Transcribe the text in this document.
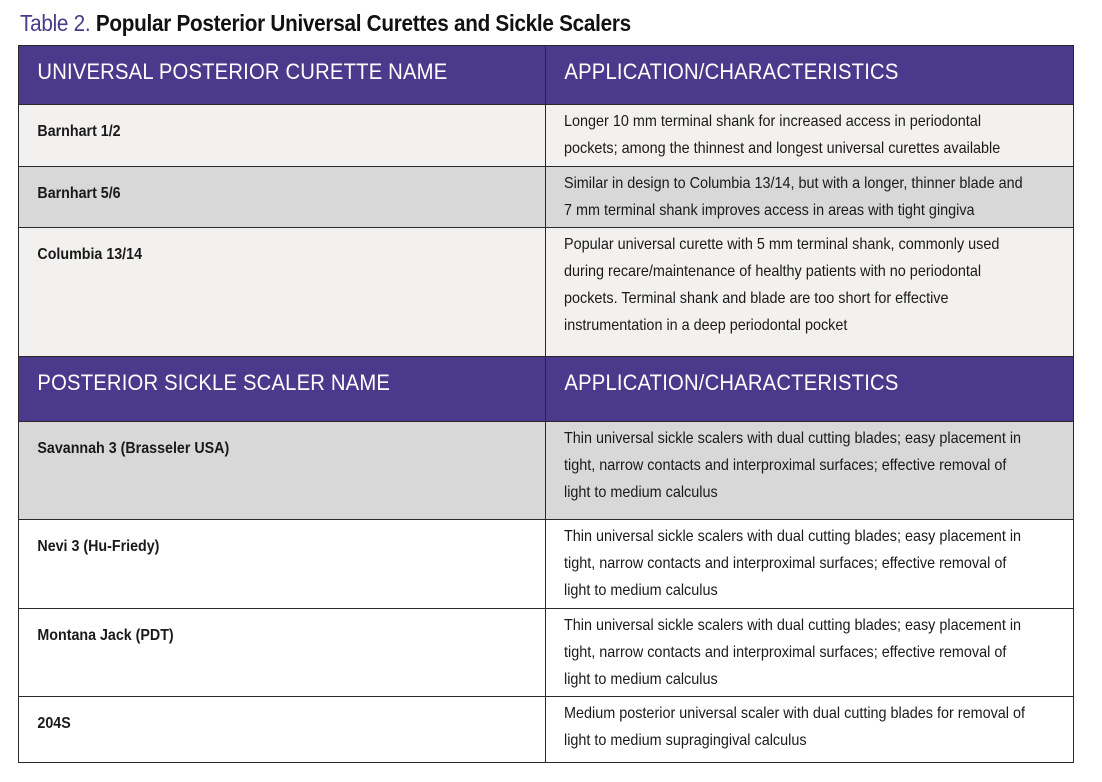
Table 2. Popular Posterior Universal Curettes and Sickle Scalers
UNIVERSAL POSTERIOR CURETTE NAME	APPLICATION/CHARACTERISTICS

Barnhart 1/2	Longer 10 mm terminal shank for increased access in periodontal pockets; among the thinnest and longest universal curettes available

Barnhart 5/6	Similar in design to Columbia 13/14, but with a longer, thinner blade and 7 mm terminal shank improves access in areas with tight gingiva

Columbia 13/14	Popular universal curette with 5 mm terminal shank, commonly used during recare/maintenance of healthy patients with no periodontal pockets. Terminal shank and blade are too short for effective instrumentation in a deep periodontal pocket

POSTERIOR SICKLE SCALER NAME	APPLICATION/CHARACTERISTICS

Savannah 3 (Brasseler USA)	Thin universal sickle scalers with dual cutting blades; easy placement in tight, narrow contacts and interproximal surfaces; effective removal of light to medium calculus

Nevi 3 (Hu-Friedy)	Thin universal sickle scalers with dual cutting blades; easy placement in tight, narrow contacts and interproximal surfaces; effective removal of light to medium calculus

Montana Jack (PDT)	Thin universal sickle scalers with dual cutting blades; easy placement in tight, narrow contacts and interproximal surfaces; effective removal of light to medium calculus

204S	Medium posterior universal scaler with dual cutting blades for removal of light to medium supragingival calculus
